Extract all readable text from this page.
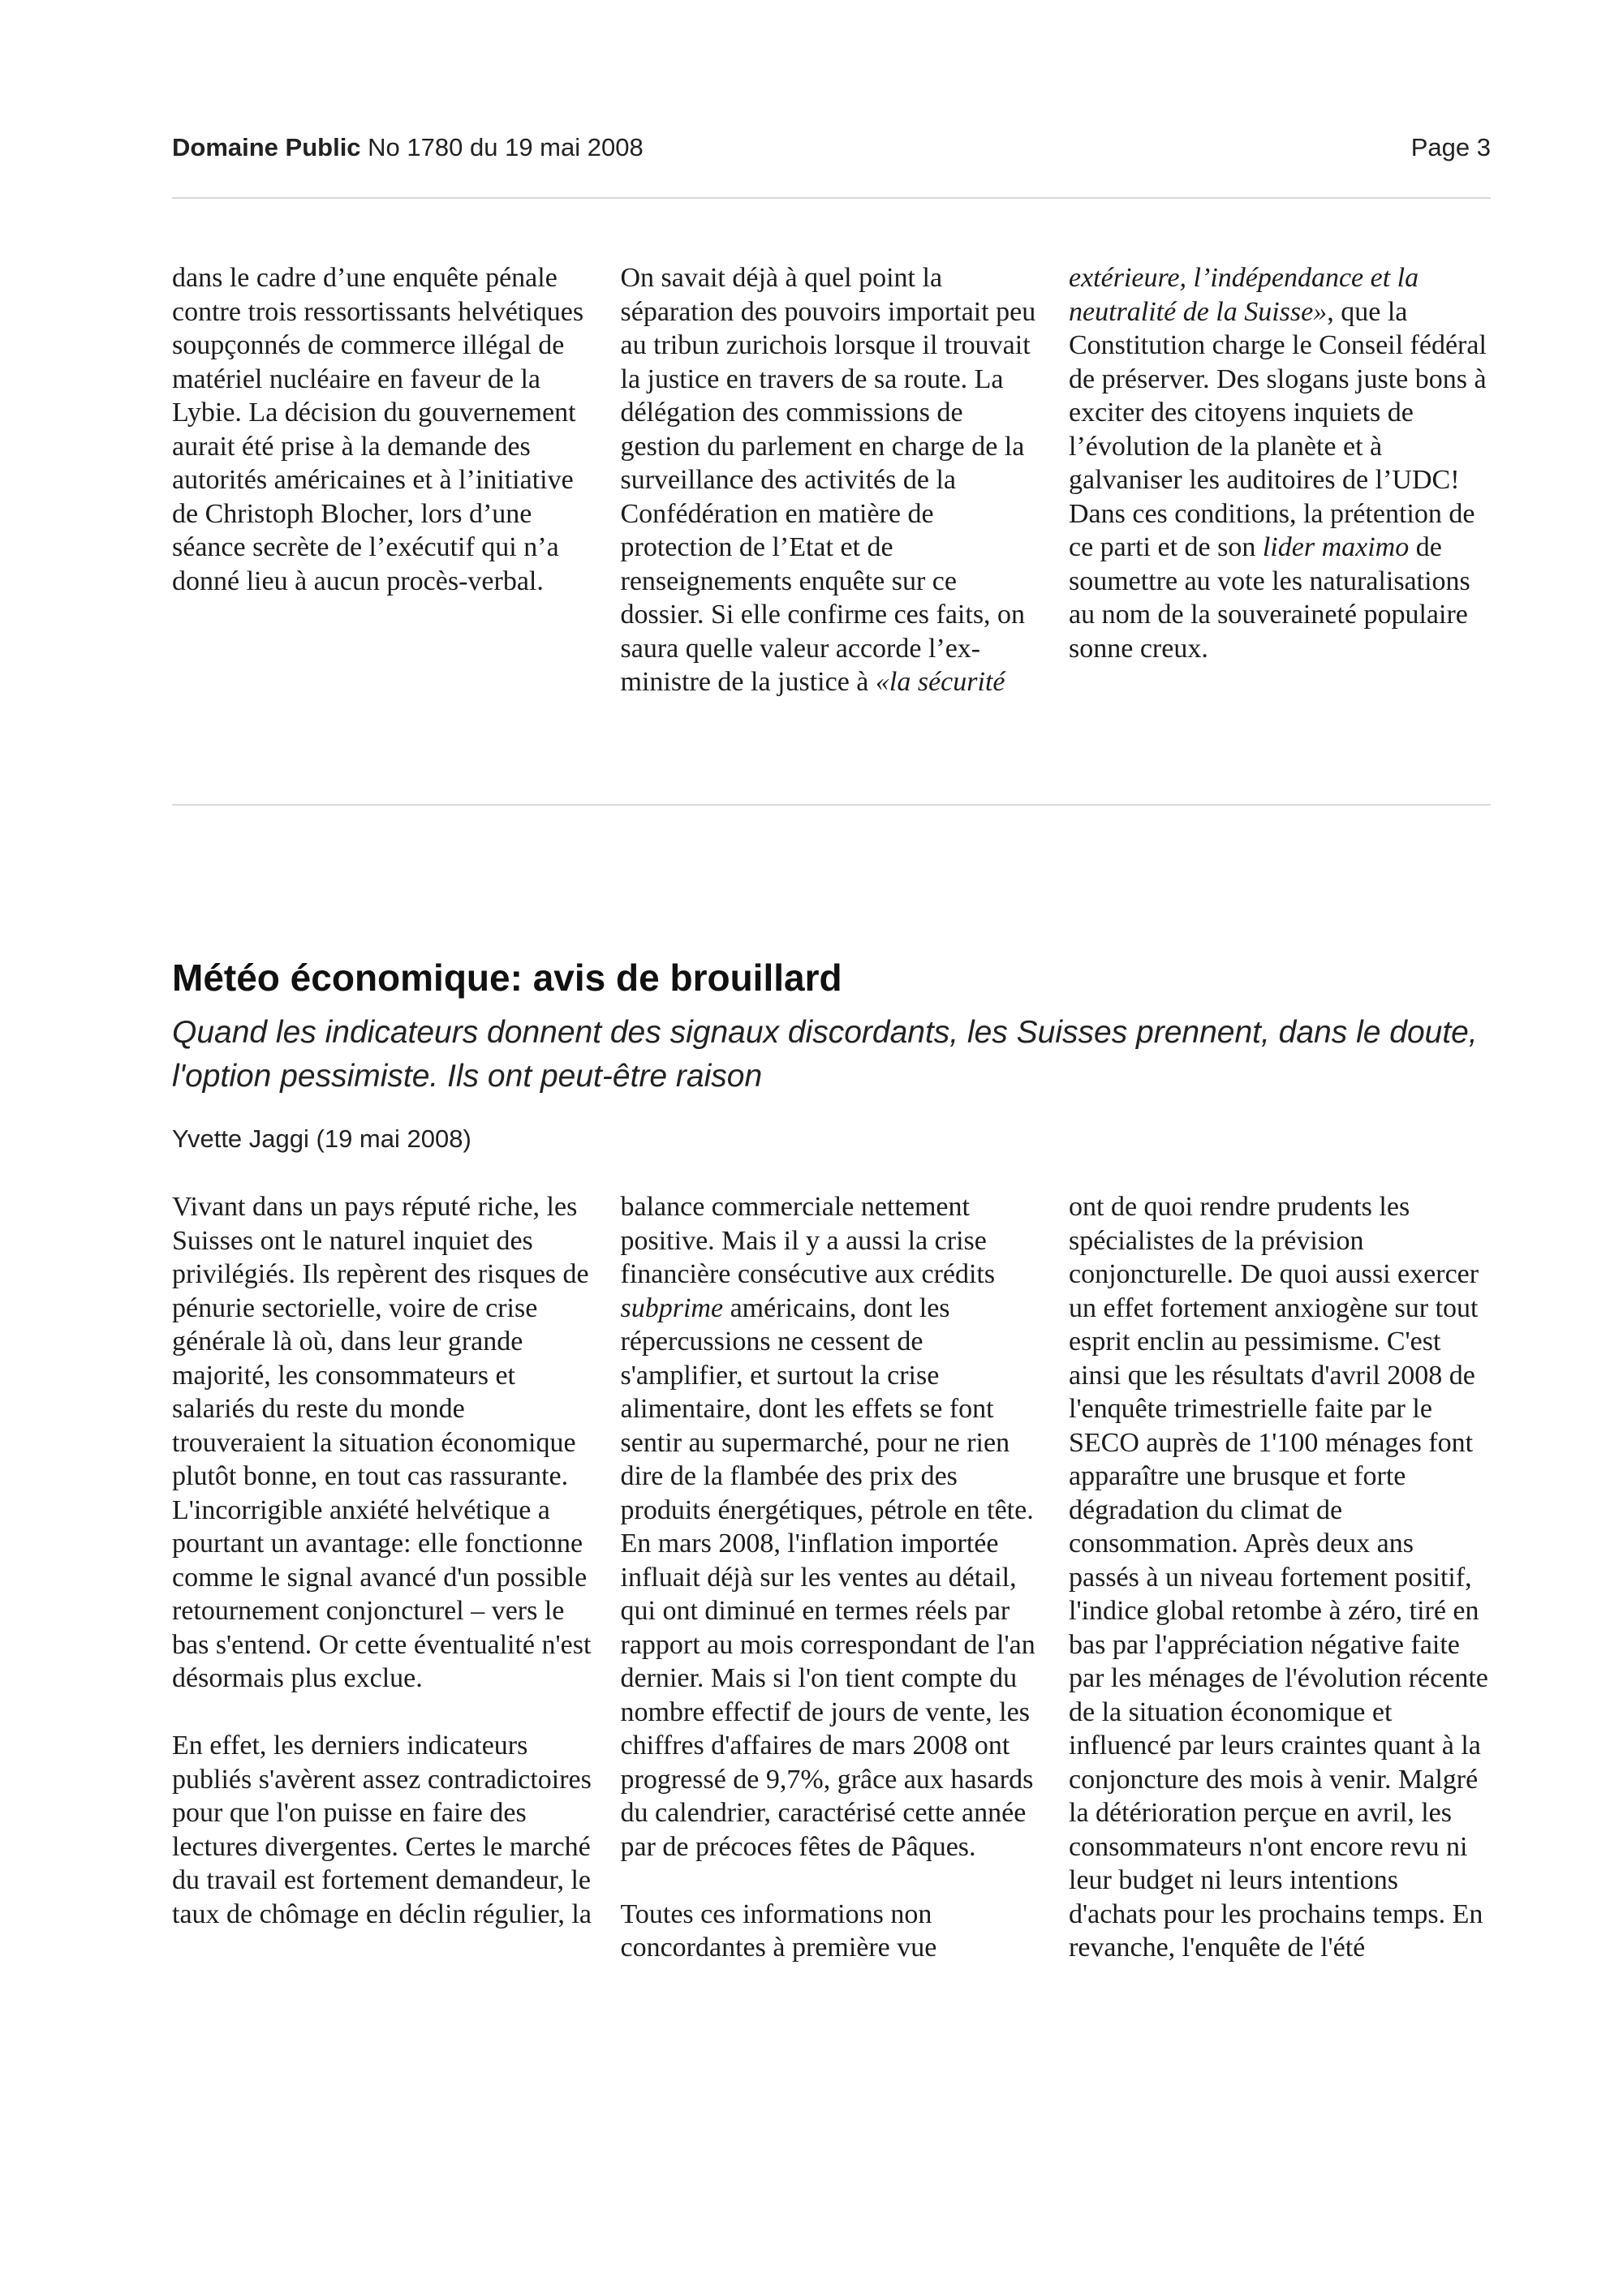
Domaine Public No 1780 du 19 mai 2008	Page 3

dans le cadre d’une enquête pénale contre trois ressortissants helvétiques soupçonnés de commerce illégal de matériel nucléaire en faveur de la Lybie. La décision du gouvernement aurait été prise à la demande des autorités américaines et à l’initiative de Christoph Blocher, lors d’une séance secrète de l’exécutif qui n’a donné lieu à aucun procès-verbal.

On savait déjà à quel point la séparation des pouvoirs importait peu au tribun zurichois lorsque il trouvait la justice en travers de sa route. La délégation des commissions de gestion du parlement en charge de la surveillance des activités de la Confédération en matière de protection de l’Etat et de renseignements enquête sur ce dossier. Si elle confirme ces faits, on saura quelle valeur accorde l’ex-ministre de la justice à «la sécurité

extérieure, l’indépendance et la neutralité de la Suisse», que la Constitution charge le Conseil fédéral de préserver. Des slogans juste bons à exciter des citoyens inquiets de l’évolution de la planète et à galvaniser les auditoires de l’UDC! Dans ces conditions, la prétention de ce parti et de son lider maximo de soumettre au vote les naturalisations au nom de la souveraineté populaire sonne creux.

Météo économique: avis de brouillard
Quand les indicateurs donnent des signaux discordants, les Suisses prennent, dans le doute, l'option pessimiste. Ils ont peut-être raison
Yvette Jaggi (19 mai 2008)

Vivant dans un pays réputé riche, les Suisses ont le naturel inquiet des privilégiés. Ils repèrent des risques de pénurie sectorielle, voire de crise générale là où, dans leur grande majorité, les consommateurs et salariés du reste du monde trouveraient la situation économique plutôt bonne, en tout cas rassurante. L'incorrigible anxiété helvétique a pourtant un avantage: elle fonctionne comme le signal avancé d'un possible retournement conjoncturel – vers le bas s'entend. Or cette éventualité n'est désormais plus exclue.

En effet, les derniers indicateurs publiés s'avèrent assez contradictoires pour que l'on puisse en faire des lectures divergentes. Certes le marché du travail est fortement demandeur, le taux de chômage en déclin régulier, la

balance commerciale nettement positive. Mais il y a aussi la crise financière consécutive aux crédits subprime américains, dont les répercussions ne cessent de s'amplifier, et surtout la crise alimentaire, dont les effets se font sentir au supermarché, pour ne rien dire de la flambée des prix des produits énergétiques, pétrole en tête. En mars 2008, l'inflation importée influait déjà sur les ventes au détail, qui ont diminué en termes réels par rapport au mois correspondant de l'an dernier. Mais si l'on tient compte du nombre effectif de jours de vente, les chiffres d'affaires de mars 2008 ont progressé de 9,7%, grâce aux hasards du calendrier, caractérisé cette année par de précoces fêtes de Pâques.

Toutes ces informations non concordantes à première vue

ont de quoi rendre prudents les spécialistes de la prévision conjoncturelle. De quoi aussi exercer un effet fortement anxiogène sur tout esprit enclin au pessimisme. C'est ainsi que les résultats d'avril 2008 de l'enquête trimestrielle faite par le SECO auprès de 1'100 ménages font apparaître une brusque et forte dégradation du climat de consommation. Après deux ans passés à un niveau fortement positif, l'indice global retombe à zéro, tiré en bas par l'appréciation négative faite par les ménages de l'évolution récente de la situation économique et influencé par leurs craintes quant à la conjoncture des mois à venir. Malgré la détérioration perçue en avril, les consommateurs n'ont encore revu ni leur budget ni leurs intentions d'achats pour les prochains temps. En revanche, l'enquête de l'été
